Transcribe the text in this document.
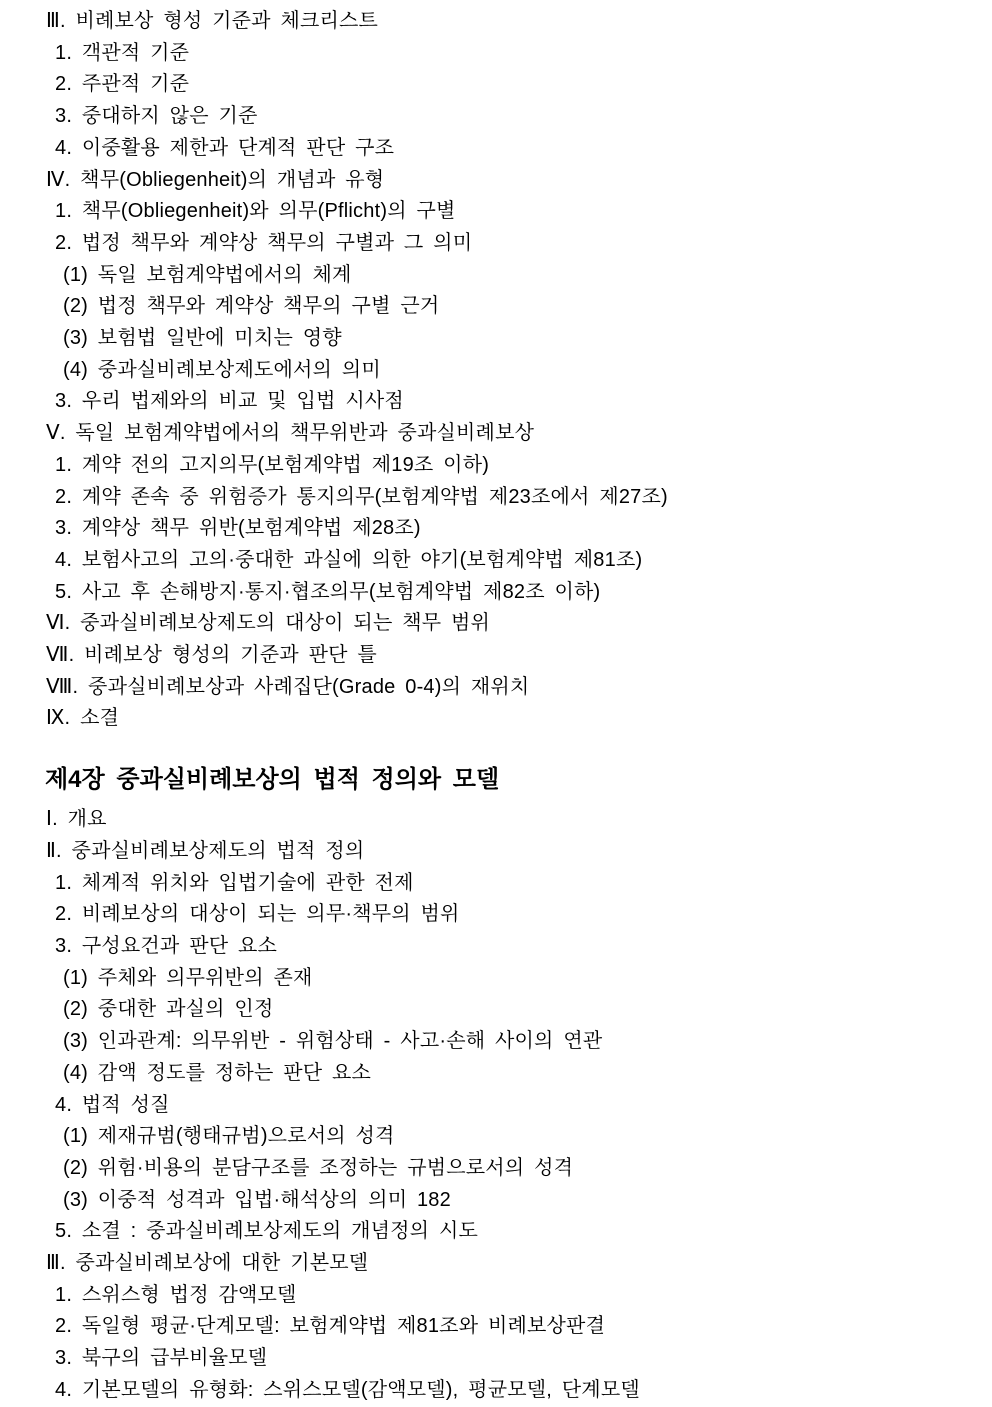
Ⅲ. 비례보상 형성 기준과 체크리스트
1. 객관적 기준
2. 주관적 기준
3. 중대하지 않은 기준
4. 이중활용 제한과 단계적 판단 구조
Ⅳ. 책무(Obliegenheit)의 개념과 유형
1. 책무(Obliegenheit)와 의무(Pflicht)의 구별
2. 법정 책무와 계약상 책무의 구별과 그 의미
(1) 독일 보험계약법에서의 체계
(2) 법정 책무와 계약상 책무의 구별 근거
(3) 보험법 일반에 미치는 영향
(4) 중과실비례보상제도에서의 의미
3. 우리 법제와의 비교 및 입법 시사점
Ⅴ. 독일 보험계약법에서의 책무위반과 중과실비례보상
1. 계약 전의 고지의무(보험계약법 제19조 이하)
2. 계약 존속 중 위험증가 통지의무(보험계약법 제23조에서 제27조)
3. 계약상 책무 위반(보험계약법 제28조)
4. 보험사고의 고의·중대한 과실에 의한 야기(보험계약법 제81조)
5. 사고 후 손해방지·통지·협조의무(보험계약법 제82조 이하)
Ⅵ. 중과실비례보상제도의 대상이 되는 책무 범위
Ⅶ. 비례보상 형성의 기준과 판단 틀
Ⅷ. 중과실비례보상과 사례집단(Grade 0-4)의 재위치
Ⅸ. 소결
제4장 중과실비례보상의 법적 정의와 모델
Ⅰ. 개요
Ⅱ. 중과실비례보상제도의 법적 정의
1. 체계적 위치와 입법기술에 관한 전제
2. 비례보상의 대상이 되는 의무·책무의 범위
3. 구성요건과 판단 요소
(1) 주체와 의무위반의 존재
(2) 중대한 과실의 인정
(3) 인과관계: 의무위반 - 위험상태 - 사고·손해 사이의 연관
(4) 감액 정도를 정하는 판단 요소
4. 법적 성질
(1) 제재규범(행태규범)으로서의 성격
(2) 위험·비용의 분담구조를 조정하는 규범으로서의 성격
(3) 이중적 성격과 입법·해석상의 의미 182
5. 소결 : 중과실비례보상제도의 개념정의 시도
Ⅲ. 중과실비례보상에 대한 기본모델
1. 스위스형 법정 감액모델
2. 독일형 평균·단계모델: 보험계약법 제81조와 비례보상판결
3. 북구의 급부비율모델
4. 기본모델의 유형화: 스위스모델(감액모델), 평균모델, 단계모델
